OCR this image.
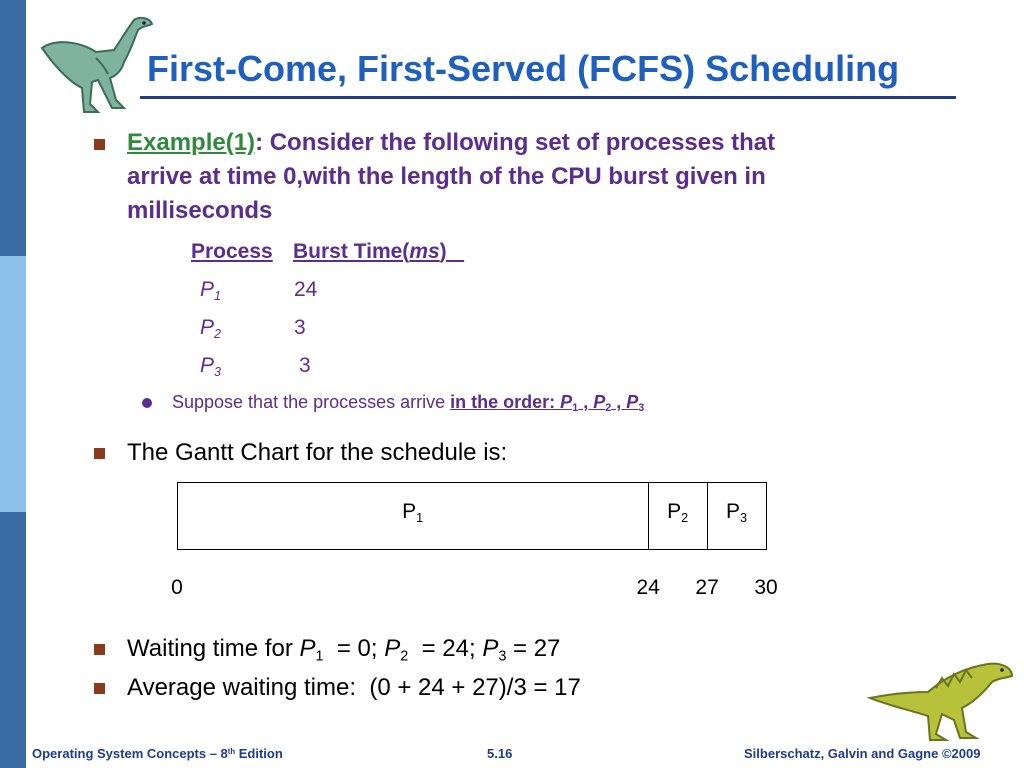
First-Come, First-Served (FCFS) Scheduling
Example(1): Consider the following set of processes that
arrive at time 0,with the length of the CPU burst given in
milliseconds
Process Burst Time(ms)
$P_1$	24
$P_2$	3
$P_3$	3
Suppose that the processes arrive in the order: $P_1$ , $P_2$ , $P_3$
The Gantt Chart for the schedule is:
$P_1$	$P_2$ $P_3$
0	24 27 30
Waiting time for $P_1 = 0$; $P_2 = 24$; $P_3 = 27$
Average waiting time:  (0 + 24 + 27)/3 = 17
Operating System Concepts – 8th Edition	5.16	Silberschatz, Galvin and Gagne ©2009
